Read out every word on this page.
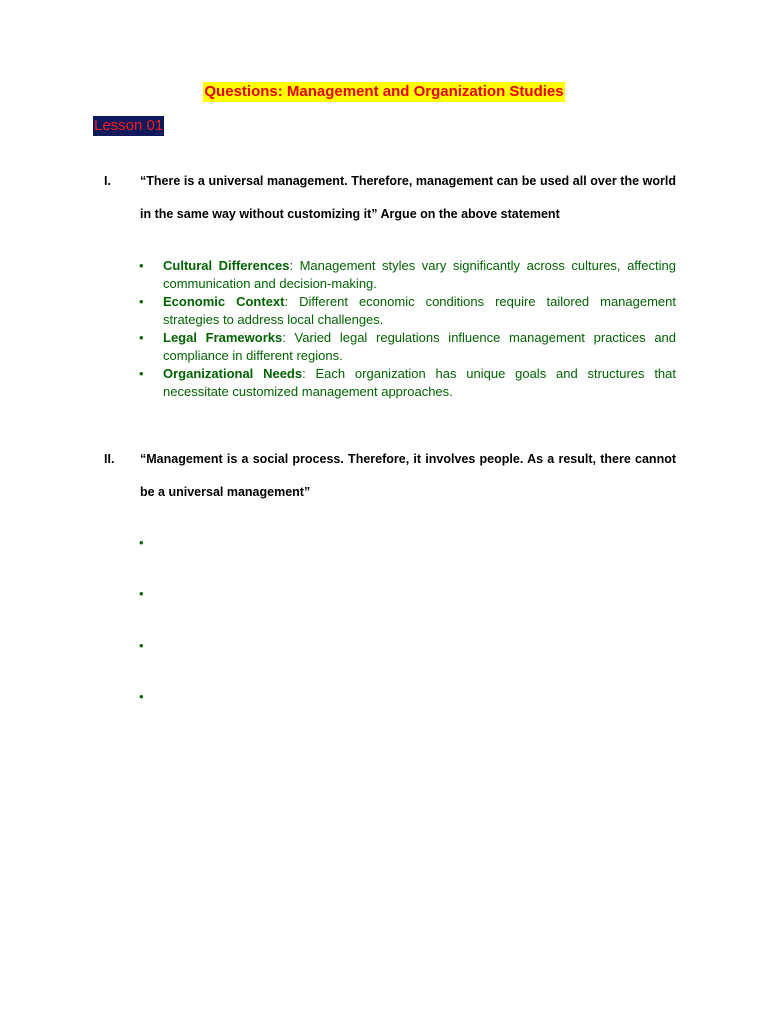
Questions: Management and Organization Studies
Lesson 01
I.	“There is a universal management. Therefore, management can be used all over the world in the same way without customizing it” Argue on the above statement
• Cultural Differences: Management styles vary significantly across cultures, affecting communication and decision-making.
• Economic Context: Different economic conditions require tailored management strategies to address local challenges.
• Legal Frameworks: Varied legal regulations influence management practices and compliance in different regions.
• Organizational Needs: Each organization has unique goals and structures that necessitate customized management approaches.
II.	“Management is a social process. Therefore, it involves people. As a result, there cannot be a universal management”
•
•
•
•
